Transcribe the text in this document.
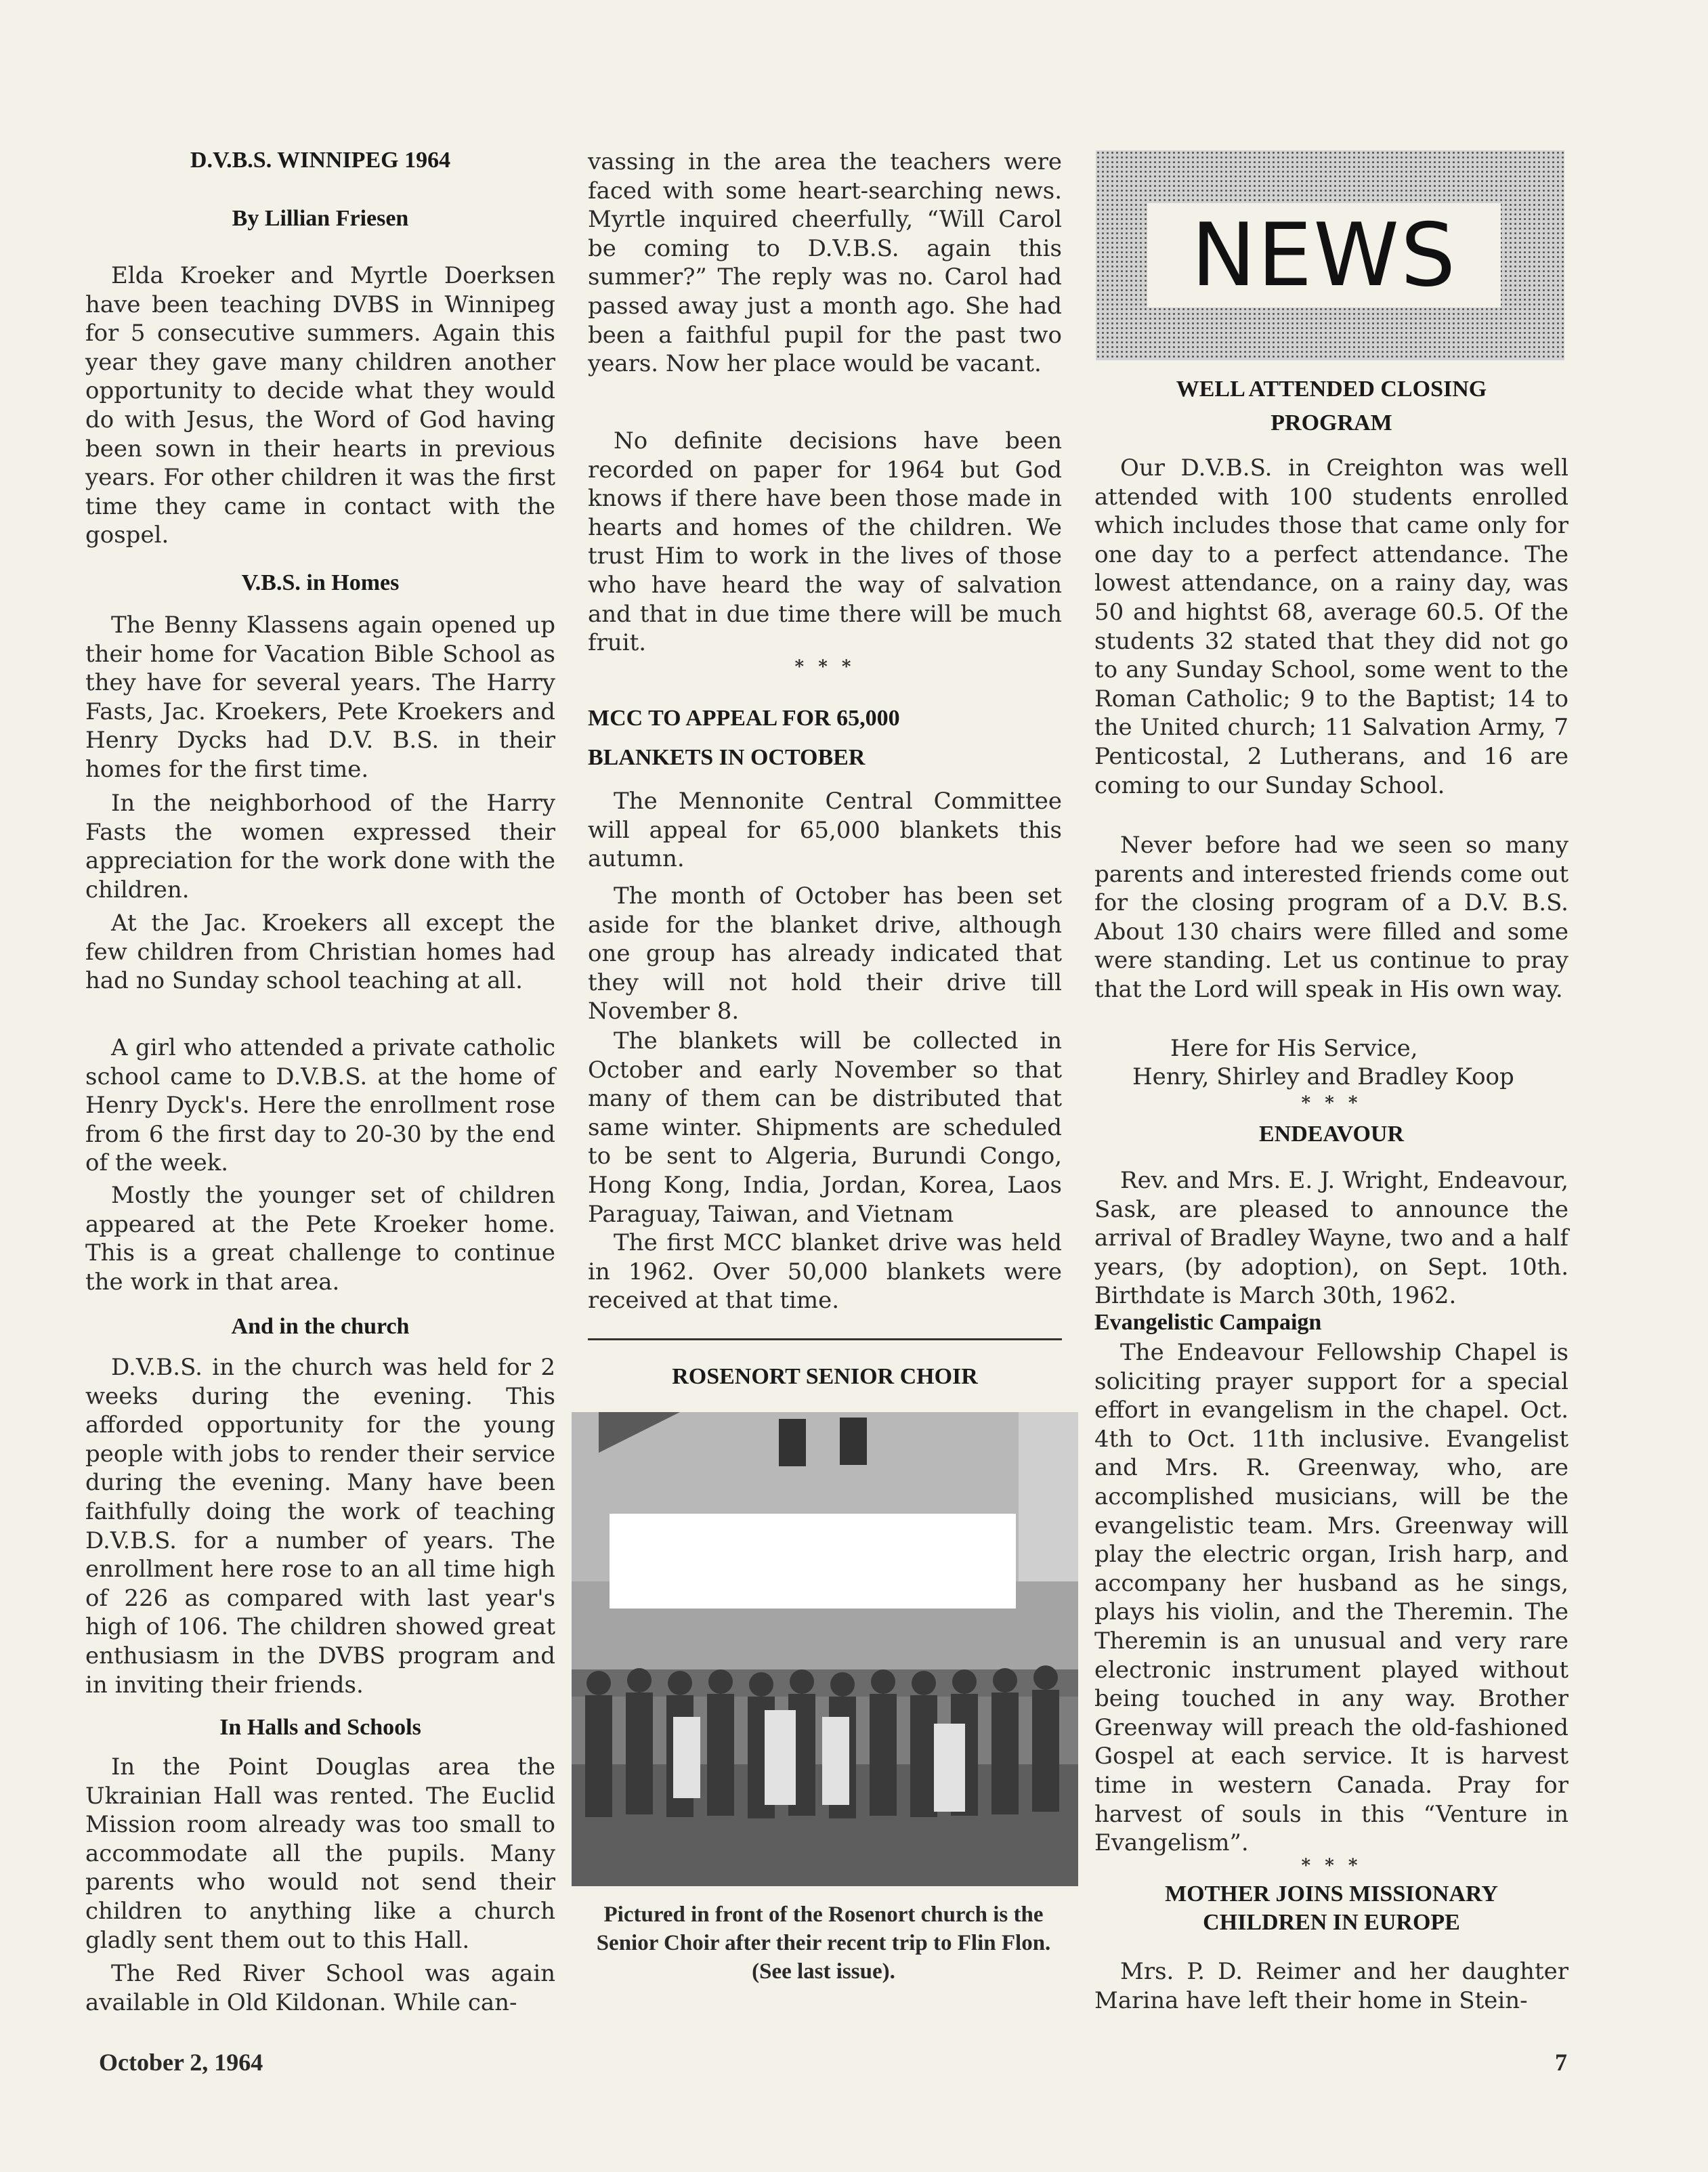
D.V.B.S. WINNIPEG 1964
By Lillian Friesen

Elda Kroeker and Myrtle Doerksen have been teaching DVBS in Winnipeg for 5 consecutive summers. Again this year they gave many children another opportunity to decide what they would do with Jesus, the Word of God having been sown in their hearts in previous years. For other children it was the first time they came in contact with the gospel.

V.B.S. in Homes

The Benny Klassens again opened up their home for Vacation Bible School as they have for several years. The Harry Fasts, Jac. Kroekers, Pete Kroekers and Henry Dycks had D.V. B.S. in their homes for the first time.

In the neighborhood of the Harry Fasts the women expressed their appreciation for the work done with the children.

At the Jac. Kroekers all except the few children from Christian homes had had no Sunday school teaching at all.

A girl who attended a private catholic school came to D.V.B.S. at the home of Henry Dyck's. Here the enrollment rose from 6 the first day to 20-30 by the end of the week.

Mostly the younger set of children appeared at the Pete Kroeker home. This is a great challenge to continue the work in that area.

And in the church

D.V.B.S. in the church was held for 2 weeks during the evening. This afforded opportunity for the young people with jobs to render their service during the evening. Many have been faithfully doing the work of teaching D.V.B.S. for a number of years. The enrollment here rose to an all time high of 226 as compared with last year's high of 106. The children showed great enthusiasm in the DVBS program and in inviting their friends.

In Halls and Schools

In the Point Douglas area the Ukrainian Hall was rented. The Euclid Mission room already was too small to accommodate all the pupils. Many parents who would not send their children to anything like a church gladly sent them out to this Hall.

The Red River School was again available in Old Kildonan. While can-

vassing in the area the teachers were faced with some heart-searching news. Myrtle inquired cheerfully, “Will Carol be coming to D.V.B.S. again this summer?” The reply was no. Carol had passed away just a month ago. She had been a faithful pupil for the past two years. Now her place would be vacant.

No definite decisions have been recorded on paper for 1964 but God knows if there have been those made in hearts and homes of the children. We trust Him to work in the lives of those who have heard the way of salvation and that in due time there will be much fruit.

* * *
MCC TO APPEAL FOR 65,000
BLANKETS IN OCTOBER

The Mennonite Central Committee will appeal for 65,000 blankets this autumn.

The month of October has been set aside for the blanket drive, although one group has already indicated that they will not hold their drive till November 8.

The blankets will be collected in October and early November so that many of them can be distributed that same winter. Shipments are scheduled to be sent to Algeria, Burundi Congo, Hong Kong, India, Jordan, Korea, Laos Paraguay, Taiwan, and Vietnam

The first MCC blanket drive was held in 1962. Over 50,000 blankets were received at that time.

ROSENORT SENIOR CHOIR
Pictured in front of the Rosenort church is the Senior Choir after their recent trip to Flin Flon. (See last issue).
NEWS
WELL ATTENDED CLOSING
PROGRAM

Our D.V.B.S. in Creighton was well attended with 100 students enrolled which includes those that came only for one day to a perfect attendance. The lowest attendance, on a rainy day, was 50 and hightst 68, average 60.5. Of the students 32 stated that they did not go to any Sunday School, some went to the Roman Catholic; 9 to the Baptist; 14 to the United church; 11 Salvation Army, 7 Penticostal, 2 Lutherans, and 16 are coming to our Sunday School.

Never before had we seen so many parents and interested friends come out for the closing program of a D.V. B.S. About 130 chairs were filled and some were standing. Let us continue to pray that the Lord will speak in His own way.

Here for His Service,
Henry, Shirley and Bradley Koop
* * *
ENDEAVOUR

Rev. and Mrs. E. J. Wright, Endeavour, Sask, are pleased to announce the arrival of Bradley Wayne, two and a half years, (by adoption), on Sept. 10th. Birthdate is March 30th, 1962.

Evangelistic Campaign

The Endeavour Fellowship Chapel is soliciting prayer support for a special effort in evangelism in the chapel. Oct. 4th to Oct. 11th inclusive. Evangelist and Mrs. R. Greenway, who, are accomplished musicians, will be the evangelistic team. Mrs. Greenway will play the electric organ, Irish harp, and accompany her husband as he sings, plays his violin, and the Theremin. The Theremin is an unusual and very rare electronic instrument played without being touched in any way. Brother Greenway will preach the old-fashioned Gospel at each service. It is harvest time in western Canada. Pray for harvest of souls in this “Venture in Evangelism”.

* * *
MOTHER JOINS MISSIONARY
CHILDREN IN EUROPE

Mrs. P. D. Reimer and her daughter Marina have left their home in Stein-

October 2, 1964	7
